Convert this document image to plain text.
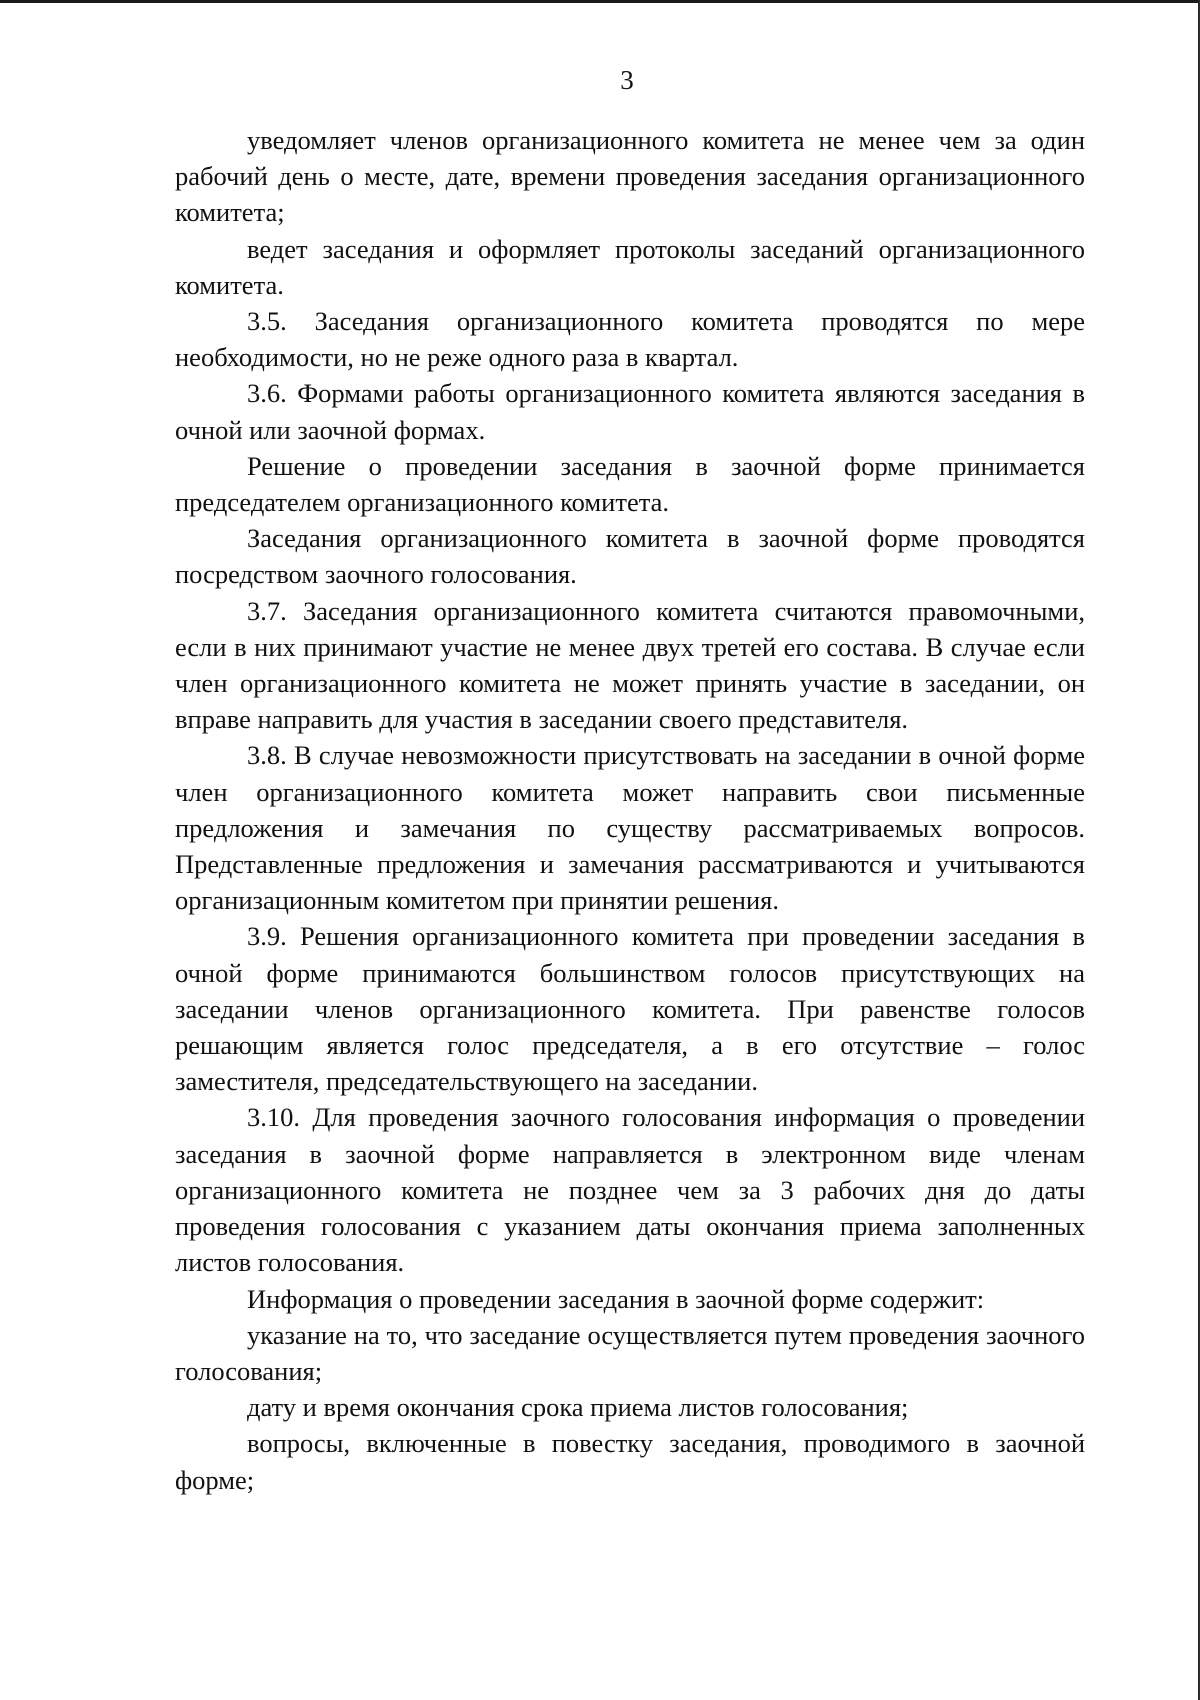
3

уведомляет членов организационного комитета не менее чем за один рабочий день о месте, дате, времени проведения заседания организационного комитета;

ведет заседания и оформляет протоколы заседаний организационного комитета.

3.5. Заседания организационного комитета проводятся по мере необходимости, но не реже одного раза в квартал.

3.6. Формами работы организационного комитета являются заседания в очной или заочной формах.

Решение о проведении заседания в заочной форме принимается председателем организационного комитета.

Заседания организационного комитета в заочной форме проводятся посредством заочного голосования.

3.7. Заседания организационного комитета считаются правомочными, если в них принимают участие не менее двух третей его состава. В случае если член организационного комитета не может принять участие в заседании, он вправе направить для участия в заседании своего представителя.

3.8. В случае невозможности присутствовать на заседании в очной форме член организационного комитета может направить свои письменные предложения и замечания по существу рассматриваемых вопросов. Представленные предложения и замечания рассматриваются и учитываются организационным комитетом при принятии решения.

3.9. Решения организационного комитета при проведении заседания в очной форме принимаются большинством голосов присутствующих на заседании членов организационного комитета. При равенстве голосов решающим является голос председателя, а в его отсутствие – голос заместителя, председательствующего на заседании.

3.10. Для проведения заочного голосования информация о проведении заседания в заочной форме направляется в электронном виде членам организационного комитета не позднее чем за 3 рабочих дня до даты проведения голосования с указанием даты окончания приема заполненных листов голосования.

Информация о проведении заседания в заочной форме содержит:

указание на то, что заседание осуществляется путем проведения заочного голосования;

дату и время окончания срока приема листов голосования;

вопросы, включенные в повестку заседания, проводимого в заочной форме;
